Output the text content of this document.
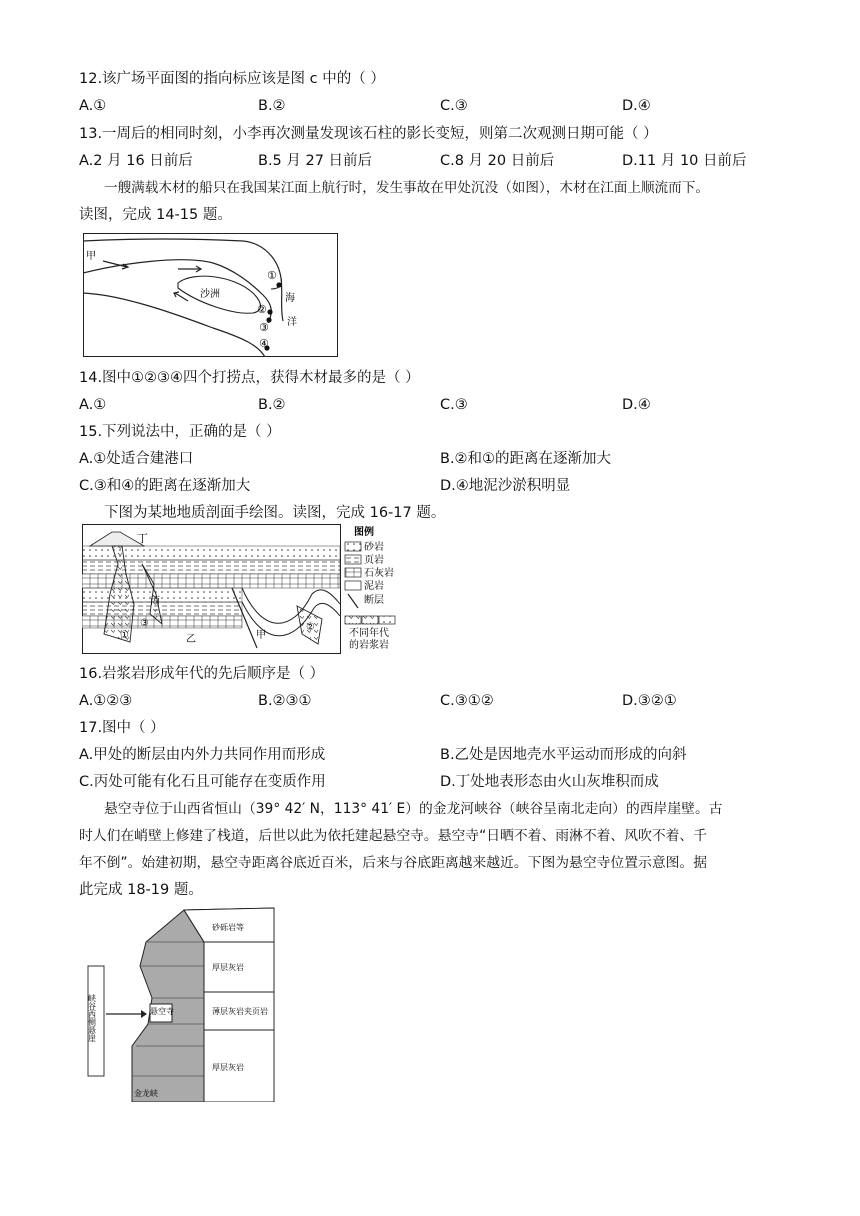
12.该广场平面图的指向标应该是图 c 中的（ ）
A.①	B.②	C.③	D.④
13.一周后的相同时刻，小李再次测量发现该石柱的影长变短，则第二次观测日期可能（ ）
A.2 月 16 日前后	B.5 月 27 日前后	C.8 月 20 日前后	D.11 月 10 日前后
一艘满载木材的船只在我国某江面上航行时，发生事故在甲处沉没（如图），木材在江面上顺流而下。
读图，完成 14-15 题。
甲
沙洲	海
洋
①
②
③
④
14.图中①②③④四个打捞点，获得木材最多的是（ ）
A.①	B.②	C.③	D.④
15.下列说法中，正确的是（ ）
A.①处适合建港口	B.②和①的距离在逐渐加大
C.③和④的距离在逐渐加大	D.④地泥沙淤积明显
下图为某地地质剖面手绘图。读图，完成 16-17 题。
丁
丙
乙	甲
①
②
③
图例
砂岩
页岩
石灰岩
泥岩
断层
不同年代
的岩浆岩
16.岩浆岩形成年代的先后顺序是（ ）
A.①②③	B.②③①	C.③①②	D.③②①
17.图中（ ）
A.甲处的断层由内外力共同作用而形成	B.乙处是因地壳水平运动而形成的向斜
C.丙处可能有化石且可能存在变质作用	D.丁处地表形态由火山灰堆积而成
悬空寺位于山西省恒山（39° 42′ N，113° 41′ E）的金龙河峡谷（峡谷呈南北走向）的西岸崖壁。古
时人们在峭壁上修建了栈道，后世以此为依托建起悬空寺。悬空寺“日晒不着、雨淋不着、风吹不着、千
年不倒”。始建初期，悬空寺距离谷底近百米，后来与谷底距离越来越近。下图为悬空寺位置示意图。据
此完成 18-19 题。
峡谷西侧悬崖	悬空寺
砂砾岩等
厚层灰岩
薄层灰岩夹页岩
厚层灰岩
金龙峡
